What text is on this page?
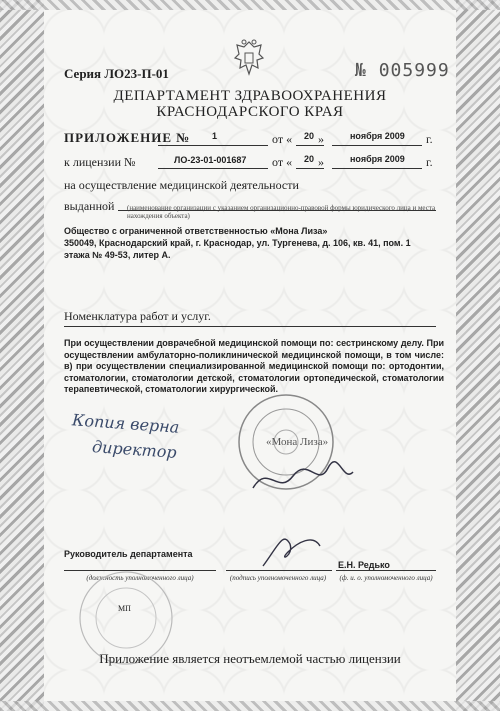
Серия ЛО23-П-01	№ 005999
ДЕПАРТАМЕНТ ЗДРАВООХРАНЕНИЯ
КРАСНОДАРСКОГО КРАЯ
ПРИЛОЖЕНИЕ № 1	от « 20 »	ноября 2009 г.
к лицензии №	ЛО-23-01-001687 от « 20 »	ноября 2009 г.
на осуществление медицинской деятельности
выданной (наименование организации с указанием организационно-правовой формы юридического лица и места нахождения объекта)
Общество с ограниченной ответственностью «Мона Лиза»
350049, Краснодарский край, г. Краснодар, ул. Тургенева, д. 106, кв. 41, пом. 1
этажа № 49-53, литер А.
Номенклатура работ и услуг.
При осуществлении доврачебной медицинской помощи по: сестринскому делу. При осуществлении амбулаторно-поликлинической медицинской помощи, в том числе: в) при осуществлении специализированной медицинской помощи по: ортодонтии, стоматологии, стоматологии детской, стоматологии ортопедической, стоматологии терапевтической, стоматологии хирургической.
Копия верна
директор	«Мона Лиза»
Руководитель департамента
Е.Н. Редько
(должность уполномоченного лица)	(подпись уполномоченного лица)	(ф. и. о. уполномоченного лица)
МП
Приложение является неотъемлемой частью лицензии
